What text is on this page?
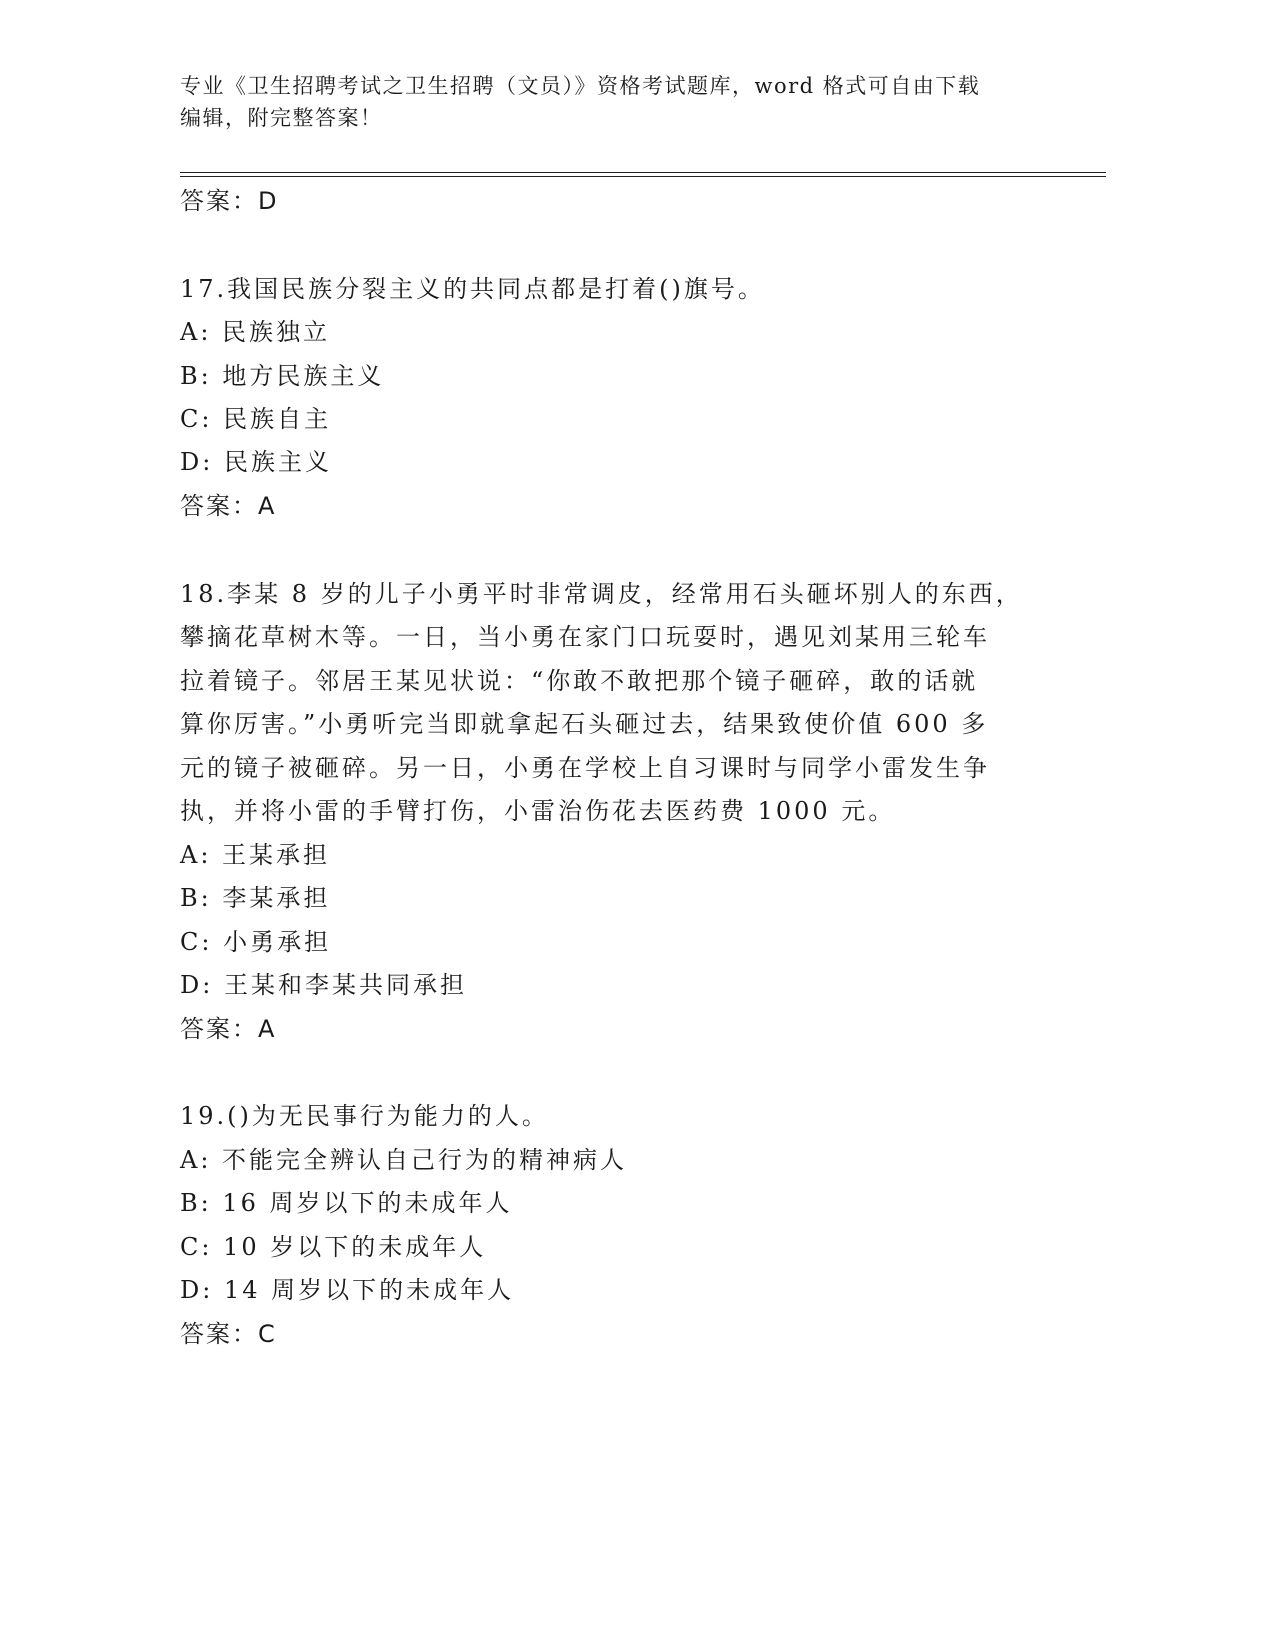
专业《卫生招聘考试之卫生招聘（文员）》资格考试题库，word 格式可自由下载
编辑，附完整答案！
答案：D
17.我国民族分裂主义的共同点都是打着()旗号。
A: 民族独立
B: 地方民族主义
C: 民族自主
D: 民族主义
答案：A
18.李某 8 岁的儿子小勇平时非常调皮，经常用石头砸坏别人的东西，
攀摘花草树木等。一日，当小勇在家门口玩耍时，遇见刘某用三轮车
拉着镜子。邻居王某见状说：“你敢不敢把那个镜子砸碎，敢的话就
算你厉害。”小勇听完当即就拿起石头砸过去，结果致使价值 600 多
元的镜子被砸碎。另一日，小勇在学校上自习课时与同学小雷发生争
执，并将小雷的手臂打伤，小雷治伤花去医药费 1000 元。
A: 王某承担
B: 李某承担
C: 小勇承担
D: 王某和李某共同承担
答案：A
19.()为无民事行为能力的人。
A: 不能完全辨认自己行为的精神病人
B: 16 周岁以下的未成年人
C: 10 岁以下的未成年人
D: 14 周岁以下的未成年人
答案：C
